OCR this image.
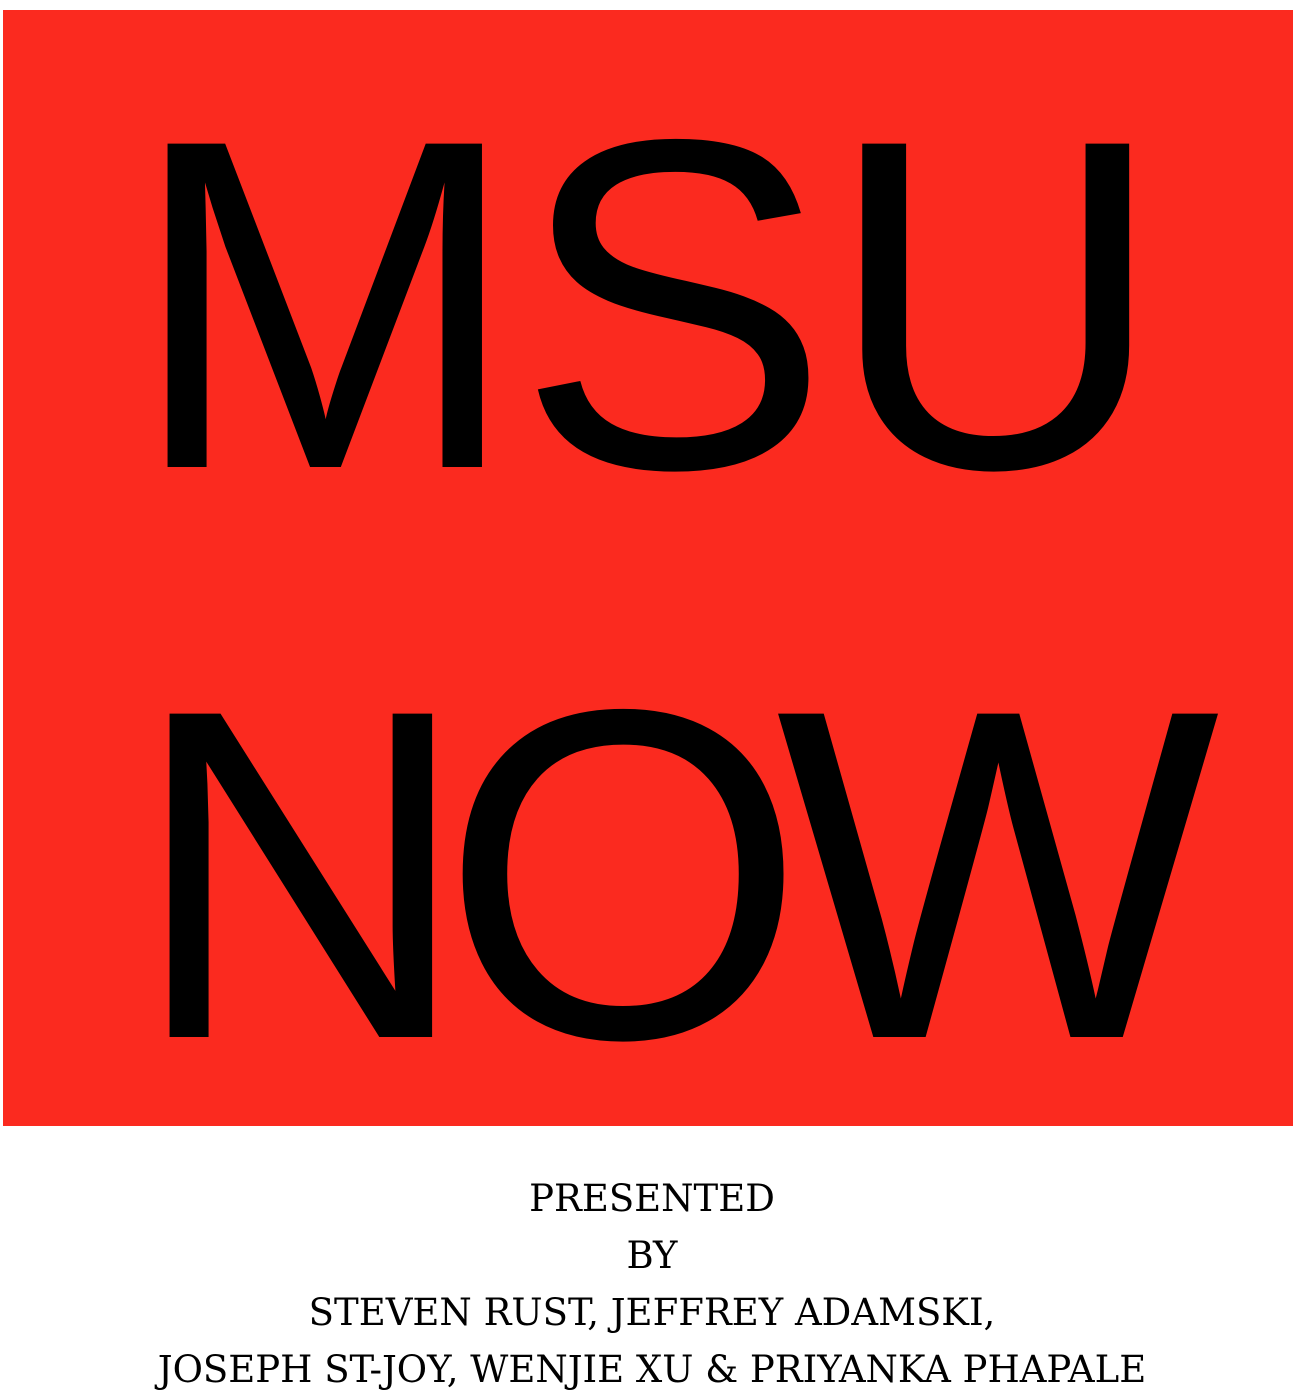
MSU
NOW
PRESENTED
BY
STEVEN RUST, JEFFREY ADAMSKI,
JOSEPH ST-JOY, WENJIE XU & PRIYANKA PHAPALE
